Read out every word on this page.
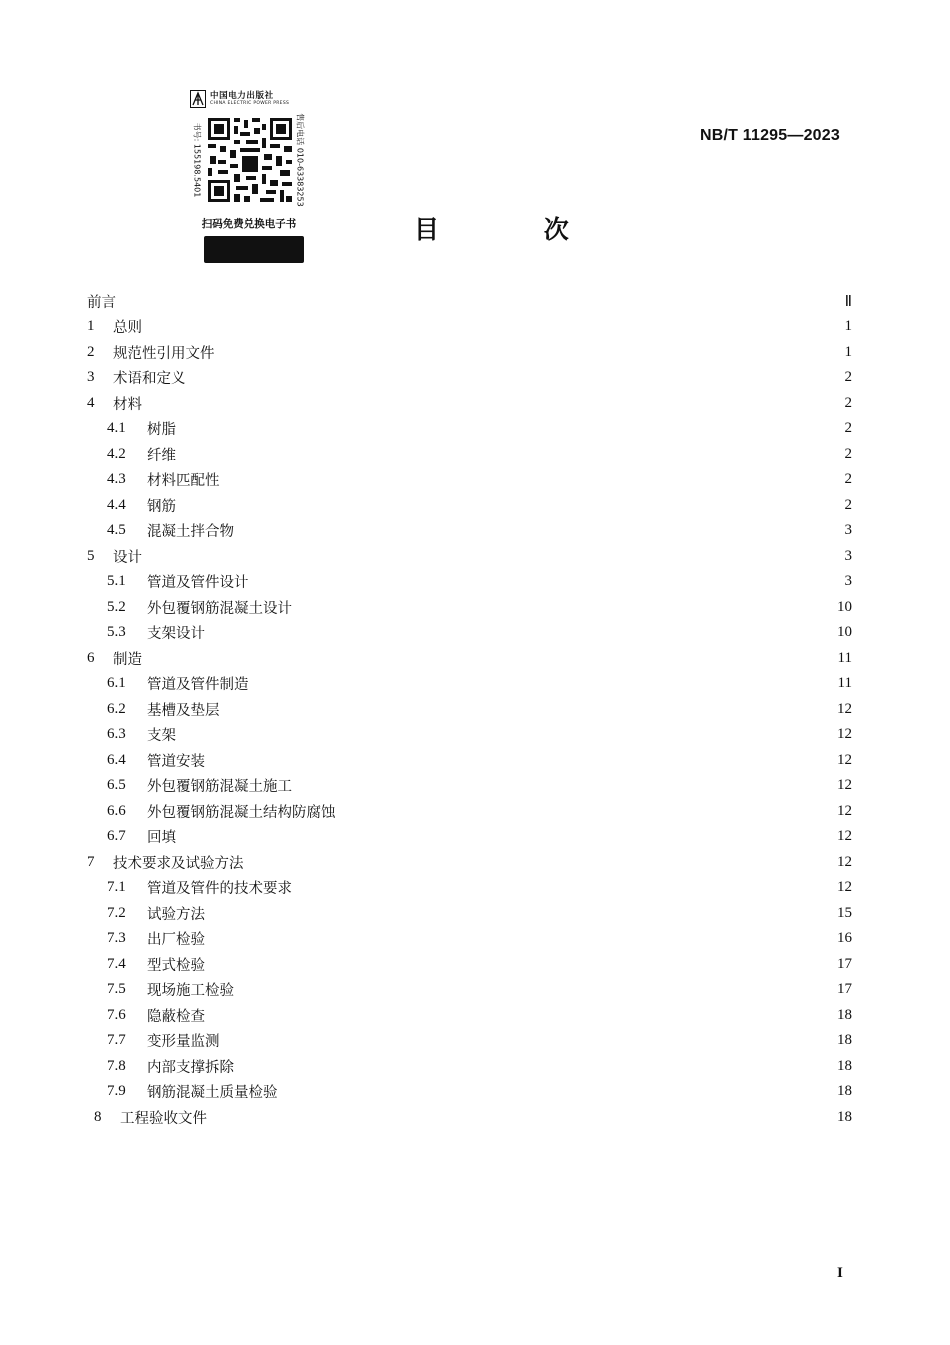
中国电力出版社
CHINA ELECTRIC POWER PRESS
书号: 155198.5401	售后电话 010-63383253
扫码免费兑换电子书
NB/T 11295—2023
目 次
前言	Ⅱ
1	总则	1
2	规范性引用文件	1
3	术语和定义	2
4	材料	2
4.1	树脂	2
4.2	纤维	2
4.3	材料匹配性	2
4.4	钢筋	2
4.5	混凝土拌合物	3
5	设计	3
5.1	管道及管件设计	3
5.2	外包覆钢筋混凝土设计	10
5.3	支架设计	10
6	制造	11
6.1	管道及管件制造	11
6.2	基槽及垫层	12
6.3	支架	12
6.4	管道安装	12
6.5	外包覆钢筋混凝土施工	12
6.6	外包覆钢筋混凝土结构防腐蚀	12
6.7	回填	12
7	技术要求及试验方法	12
7.1	管道及管件的技术要求	12
7.2	试验方法	15
7.3	出厂检验	16
7.4	型式检验	17
7.5	现场施工检验	17
7.6	隐蔽检查	18
7.7	变形量监测	18
7.8	内部支撑拆除	18
7.9	钢筋混凝土质量检验	18
8	工程验收文件	18
I
